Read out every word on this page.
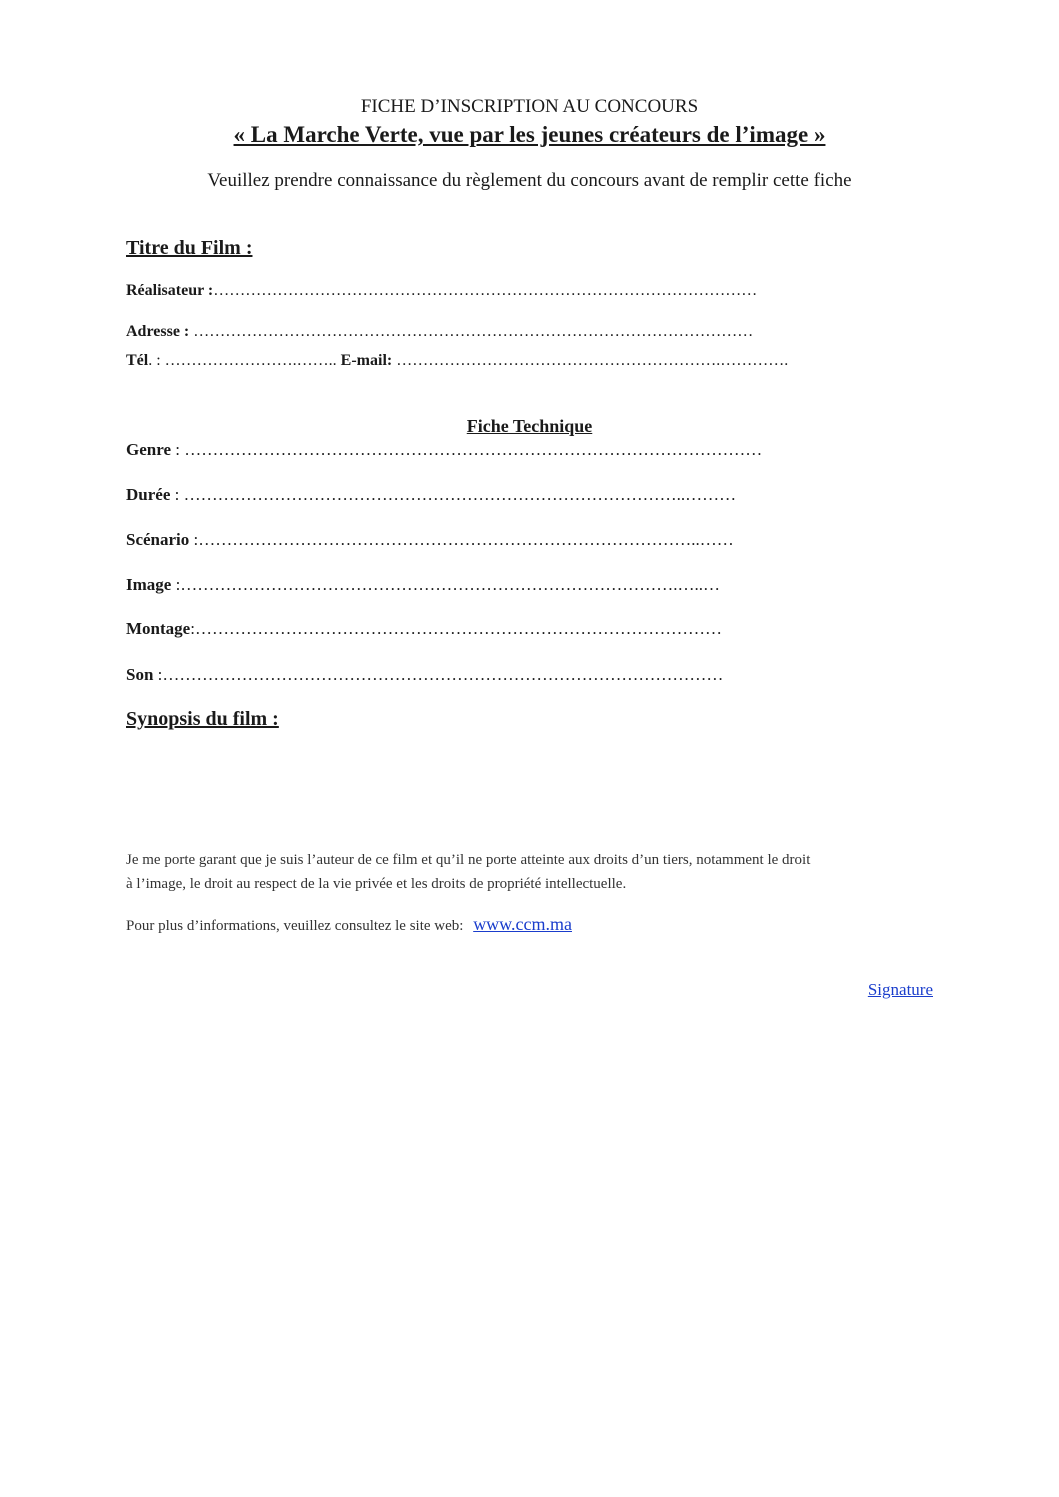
FICHE D’INSCRIPTION AU CONCOURS
« La Marche Verte, vue par les jeunes créateurs de l’image »
Veuillez prendre connaissance du règlement du concours avant de remplir cette fiche
Titre du Film :
Réalisateur :…………………………………………………………………………………………
Adresse : ……………………………………………………………………………………………
Tél. : …………………….…….. E-mail: …………………………………………………….………….
Fiche Technique
Genre : …………………………………………………………………………………………
Durée : ……………………………………………………………………………..………
Scénario :……………………………………………………………………………..……
Image :…………………………………………………………………………….…..…
Montage:…………………………………………………………………………………
Son :………………………………………………………………………………………
Synopsis du film :
Je me porte garant que je suis l’auteur de ce film et qu’il ne porte atteinte aux droits d’un tiers, notamment le droit
à l’image, le droit au respect de la vie privée et les droits de propriété intellectuelle.
Pour plus d’informations, veuillez consultez le site web: www.ccm.ma
Signature
